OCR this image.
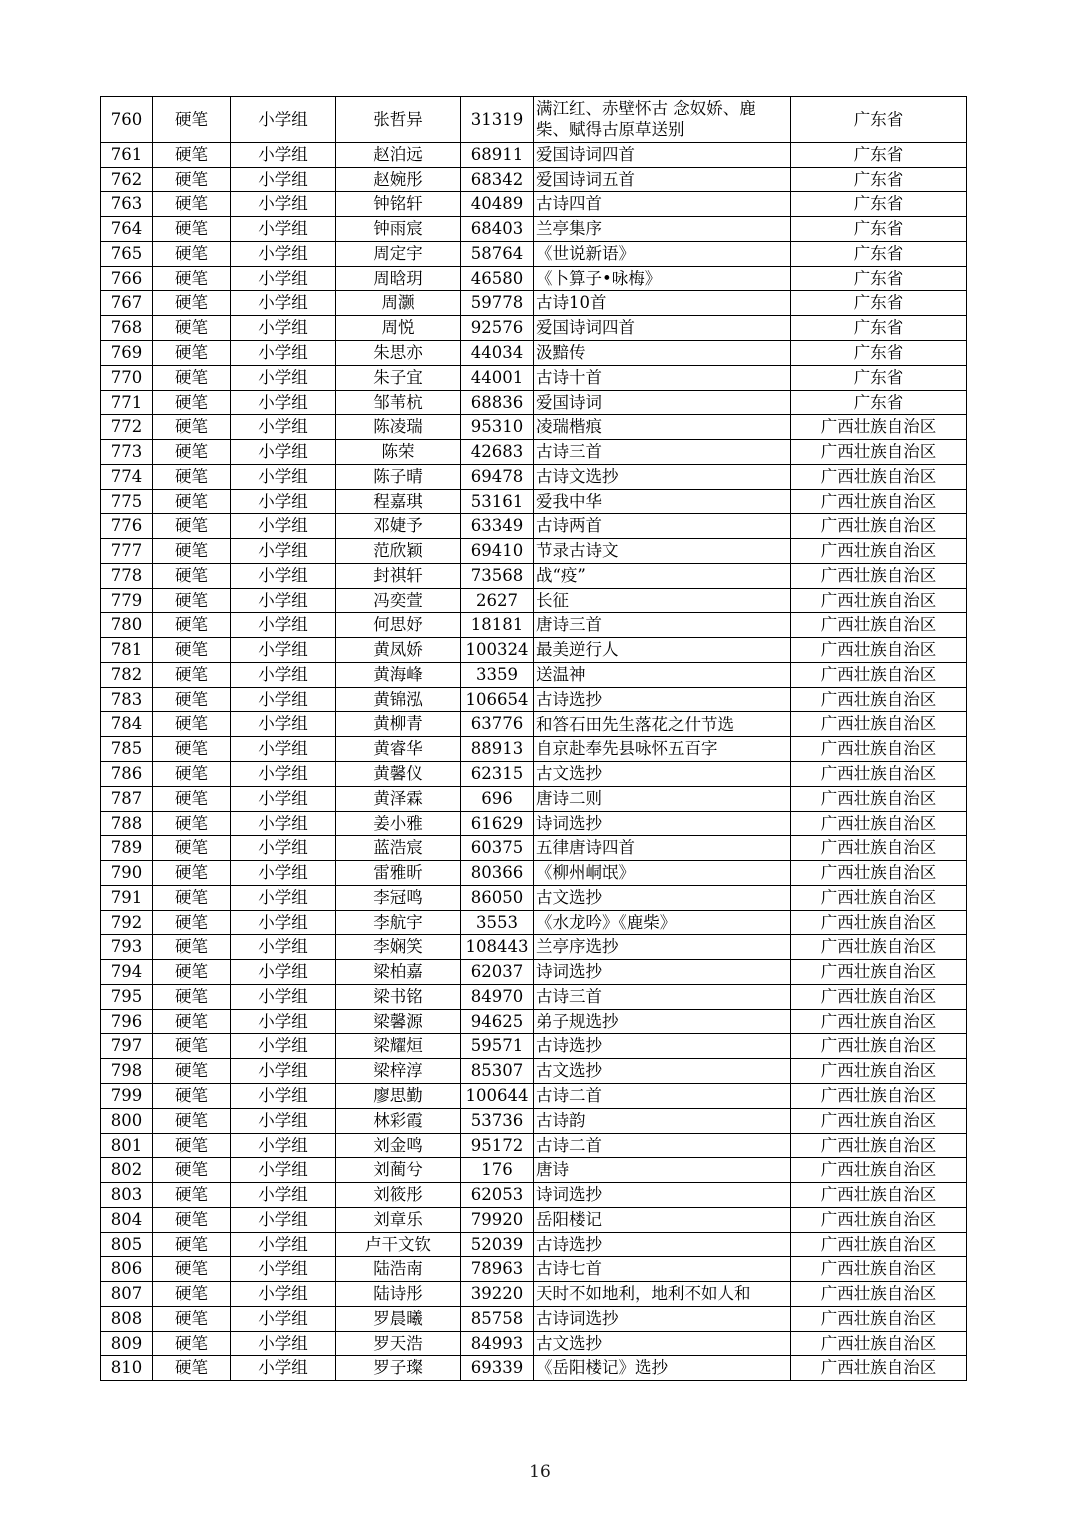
760	硬笔	小学组	张哲异	31319	满江红、赤壁怀古 念奴娇、鹿柴、赋得古原草送别	广东省
761	硬笔	小学组	赵泊远	68911	爱国诗词四首	广东省
762	硬笔	小学组	赵婉彤	68342	爱国诗词五首	广东省
763	硬笔	小学组	钟铭轩	40489	古诗四首	广东省
764	硬笔	小学组	钟雨宸	68403	兰亭集序	广东省
765	硬笔	小学组	周定宇	58764	《世说新语》	广东省
766	硬笔	小学组	周晗玥	46580	《卜算子•咏梅》	广东省
767	硬笔	小学组	周灏	59778	古诗10首	广东省
768	硬笔	小学组	周悦	92576	爱国诗词四首	广东省
769	硬笔	小学组	朱思亦	44034	汲黯传	广东省
770	硬笔	小学组	朱子宜	44001	古诗十首	广东省
771	硬笔	小学组	邹苇杭	68836	爱国诗词	广东省
772	硬笔	小学组	陈凌瑞	95310	凌瑞楷痕	广西壮族自治区
773	硬笔	小学组	陈荣	42683	古诗三首	广西壮族自治区
774	硬笔	小学组	陈子晴	69478	古诗文选抄	广西壮族自治区
775	硬笔	小学组	程嘉琪	53161	爱我中华	广西壮族自治区
776	硬笔	小学组	邓婕予	63349	古诗两首	广西壮族自治区
777	硬笔	小学组	范欣颖	69410	节录古诗文	广西壮族自治区
778	硬笔	小学组	封祺轩	73568	战“疫”	广西壮族自治区
779	硬笔	小学组	冯奕萱	2627	长征	广西壮族自治区
780	硬笔	小学组	何思妤	18181	唐诗三首	广西壮族自治区
781	硬笔	小学组	黄凤娇	100324	最美逆行人	广西壮族自治区
782	硬笔	小学组	黄海峰	3359	送温神	广西壮族自治区
783	硬笔	小学组	黄锦泓	106654	古诗选抄	广西壮族自治区
784	硬笔	小学组	黄柳青	63776	和答石田先生落花之什节选	广西壮族自治区
785	硬笔	小学组	黄睿华	88913	自京赴奉先县咏怀五百字	广西壮族自治区
786	硬笔	小学组	黄馨仪	62315	古文选抄	广西壮族自治区
787	硬笔	小学组	黄泽霖	696	唐诗二则	广西壮族自治区
788	硬笔	小学组	姜小雅	61629	诗词选抄	广西壮族自治区
789	硬笔	小学组	蓝浩宸	60375	五律唐诗四首	广西壮族自治区
790	硬笔	小学组	雷雅昕	80366	《柳州峒氓》	广西壮族自治区
791	硬笔	小学组	李冠鸣	86050	古文选抄	广西壮族自治区
792	硬笔	小学组	李航宇	3553	《水龙吟》《鹿柴》	广西壮族自治区
793	硬笔	小学组	李娴笑	108443	兰亭序选抄	广西壮族自治区
794	硬笔	小学组	梁柏嘉	62037	诗词选抄	广西壮族自治区
795	硬笔	小学组	梁书铭	84970	古诗三首	广西壮族自治区
796	硬笔	小学组	梁馨源	94625	弟子规选抄	广西壮族自治区
797	硬笔	小学组	梁耀烜	59571	古诗选抄	广西壮族自治区
798	硬笔	小学组	梁梓淳	85307	古文选抄	广西壮族自治区
799	硬笔	小学组	廖思勤	100644	古诗二首	广西壮族自治区
800	硬笔	小学组	林彩霞	53736	古诗韵	广西壮族自治区
801	硬笔	小学组	刘金鸣	95172	古诗二首	广西壮族自治区
802	硬笔	小学组	刘蔺兮	176	唐诗	广西壮族自治区
803	硬笔	小学组	刘筱彤	62053	诗词选抄	广西壮族自治区
804	硬笔	小学组	刘章乐	79920	岳阳楼记	广西壮族自治区
805	硬笔	小学组	卢干文钦	52039	古诗选抄	广西壮族自治区
806	硬笔	小学组	陆浩南	78963	古诗七首	广西壮族自治区
807	硬笔	小学组	陆诗彤	39220	天时不如地利，地利不如人和	广西壮族自治区
808	硬笔	小学组	罗晨曦	85758	古诗词选抄	广西壮族自治区
809	硬笔	小学组	罗天浩	84993	古文选抄	广西壮族自治区
810	硬笔	小学组	罗子璨	69339	《岳阳楼记》选抄	广西壮族自治区
16
